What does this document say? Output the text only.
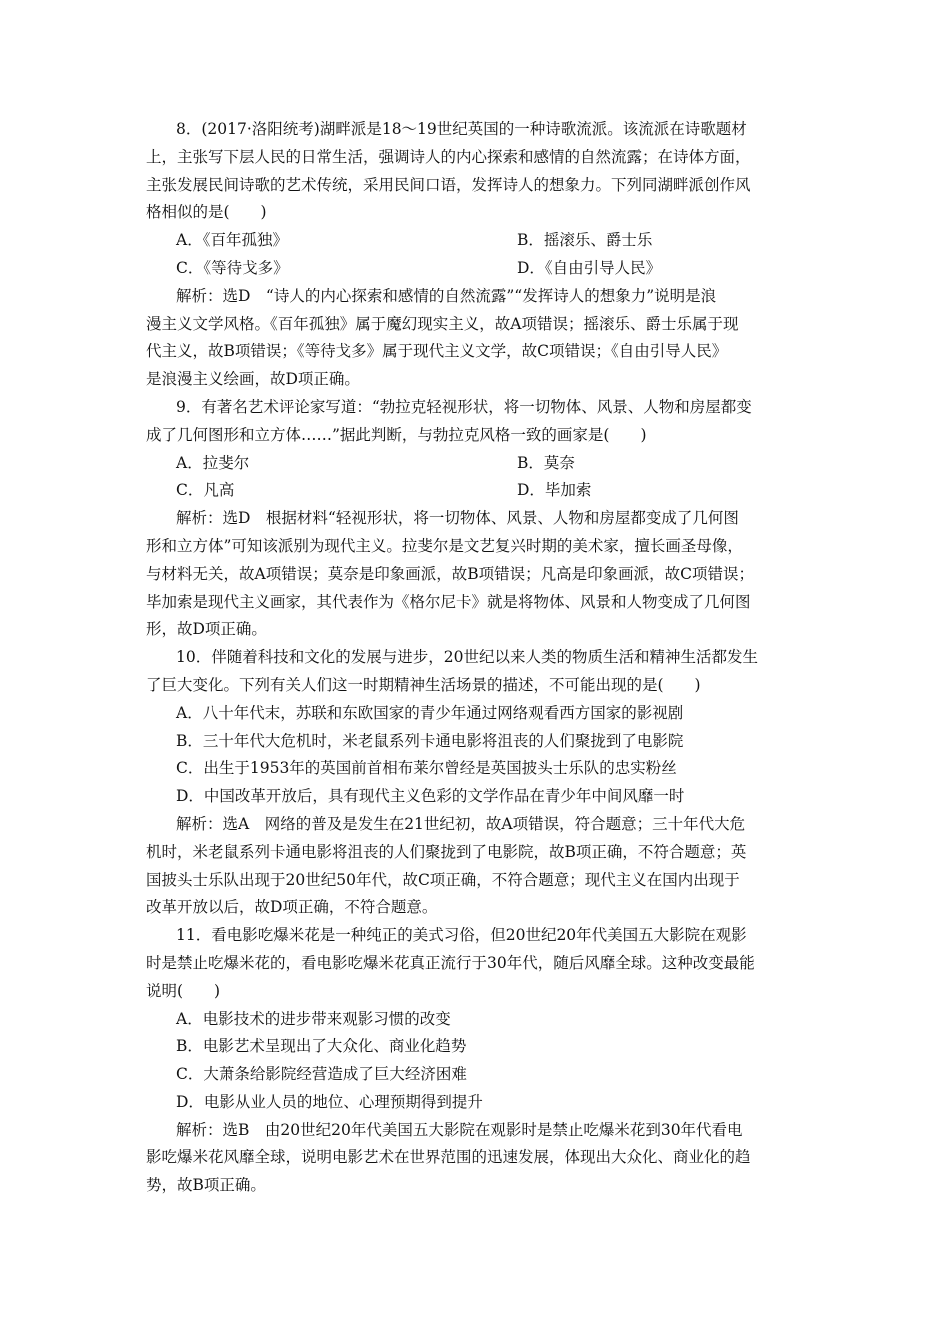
8．(2017·洛阳统考)湖畔派是18～19世纪英国的一种诗歌流派。该流派在诗歌题材
上，主张写下层人民的日常生活，强调诗人的内心探索和感情的自然流露；在诗体方面，
主张发展民间诗歌的艺术传统，采用民间口语，发挥诗人的想象力。下列同湖畔派创作风
格相似的是(　　)
A．《百年孤独》	B．摇滚乐、爵士乐
C．《等待戈多》	D．《自由引导人民》
解析：选D　“诗人的内心探索和感情的自然流露”“发挥诗人的想象力”说明是浪
漫主义文学风格。《百年孤独》属于魔幻现实主义，故A项错误；摇滚乐、爵士乐属于现
代主义，故B项错误；《等待戈多》属于现代主义文学，故C项错误；《自由引导人民》
是浪漫主义绘画，故D项正确。
9．有著名艺术评论家写道：“勃拉克轻视形状，将一切物体、风景、人物和房屋都变
成了几何图形和立方体……”据此判断，与勃拉克风格一致的画家是(　　)
A．拉斐尔	B．莫奈
C．凡高	D．毕加索
解析：选D　根据材料“轻视形状，将一切物体、风景、人物和房屋都变成了几何图
形和立方体”可知该派别为现代主义。拉斐尔是文艺复兴时期的美术家，擅长画圣母像，
与材料无关，故A项错误；莫奈是印象画派，故B项错误；凡高是印象画派，故C项错误；
毕加索是现代主义画家，其代表作为《格尔尼卡》就是将物体、风景和人物变成了几何图
形，故D项正确。
10．伴随着科技和文化的发展与进步，20世纪以来人类的物质生活和精神生活都发生
了巨大变化。下列有关人们这一时期精神生活场景的描述，不可能出现的是(　　)
A．八十年代末，苏联和东欧国家的青少年通过网络观看西方国家的影视剧
B．三十年代大危机时，米老鼠系列卡通电影将沮丧的人们聚拢到了电影院
C．出生于1953年的英国前首相布莱尔曾经是英国披头士乐队的忠实粉丝
D．中国改革开放后，具有现代主义色彩的文学作品在青少年中间风靡一时
解析：选A　网络的普及是发生在21世纪初，故A项错误，符合题意；三十年代大危
机时，米老鼠系列卡通电影将沮丧的人们聚拢到了电影院，故B项正确，不符合题意；英
国披头士乐队出现于20世纪50年代，故C项正确，不符合题意；现代主义在国内出现于
改革开放以后，故D项正确，不符合题意。
11．看电影吃爆米花是一种纯正的美式习俗，但20世纪20年代美国五大影院在观影
时是禁止吃爆米花的，看电影吃爆米花真正流行于30年代，随后风靡全球。这种改变最能
说明(　　)
A．电影技术的进步带来观影习惯的改变
B．电影艺术呈现出了大众化、商业化趋势
C．大萧条给影院经营造成了巨大经济困难
D．电影从业人员的地位、心理预期得到提升
解析：选B　由20世纪20年代美国五大影院在观影时是禁止吃爆米花到30年代看电
影吃爆米花风靡全球，说明电影艺术在世界范围的迅速发展，体现出大众化、商业化的趋
势，故B项正确。
